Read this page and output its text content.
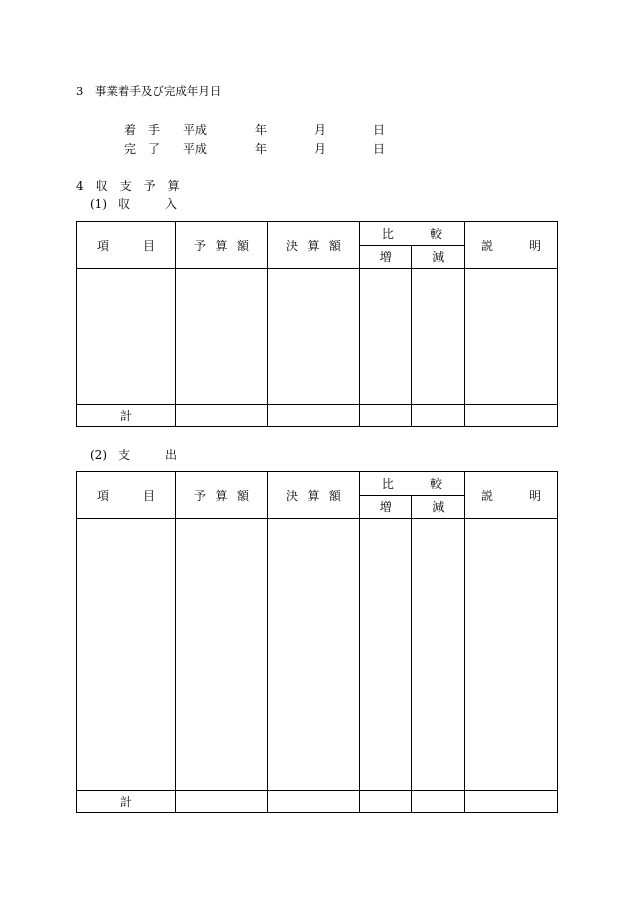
3　事業着手及び完成年月日
着　手 平成	年	月	日
完　了 平成	年	月	日
4　収　支　予　算
(1) 収	入
項 目	予 算 額	決 算 額	比 較		説 明

			増	減	

計					
(2) 支	出
項 目	予 算 額	決 算 額	比 較		説 明

			増	減	

計					
